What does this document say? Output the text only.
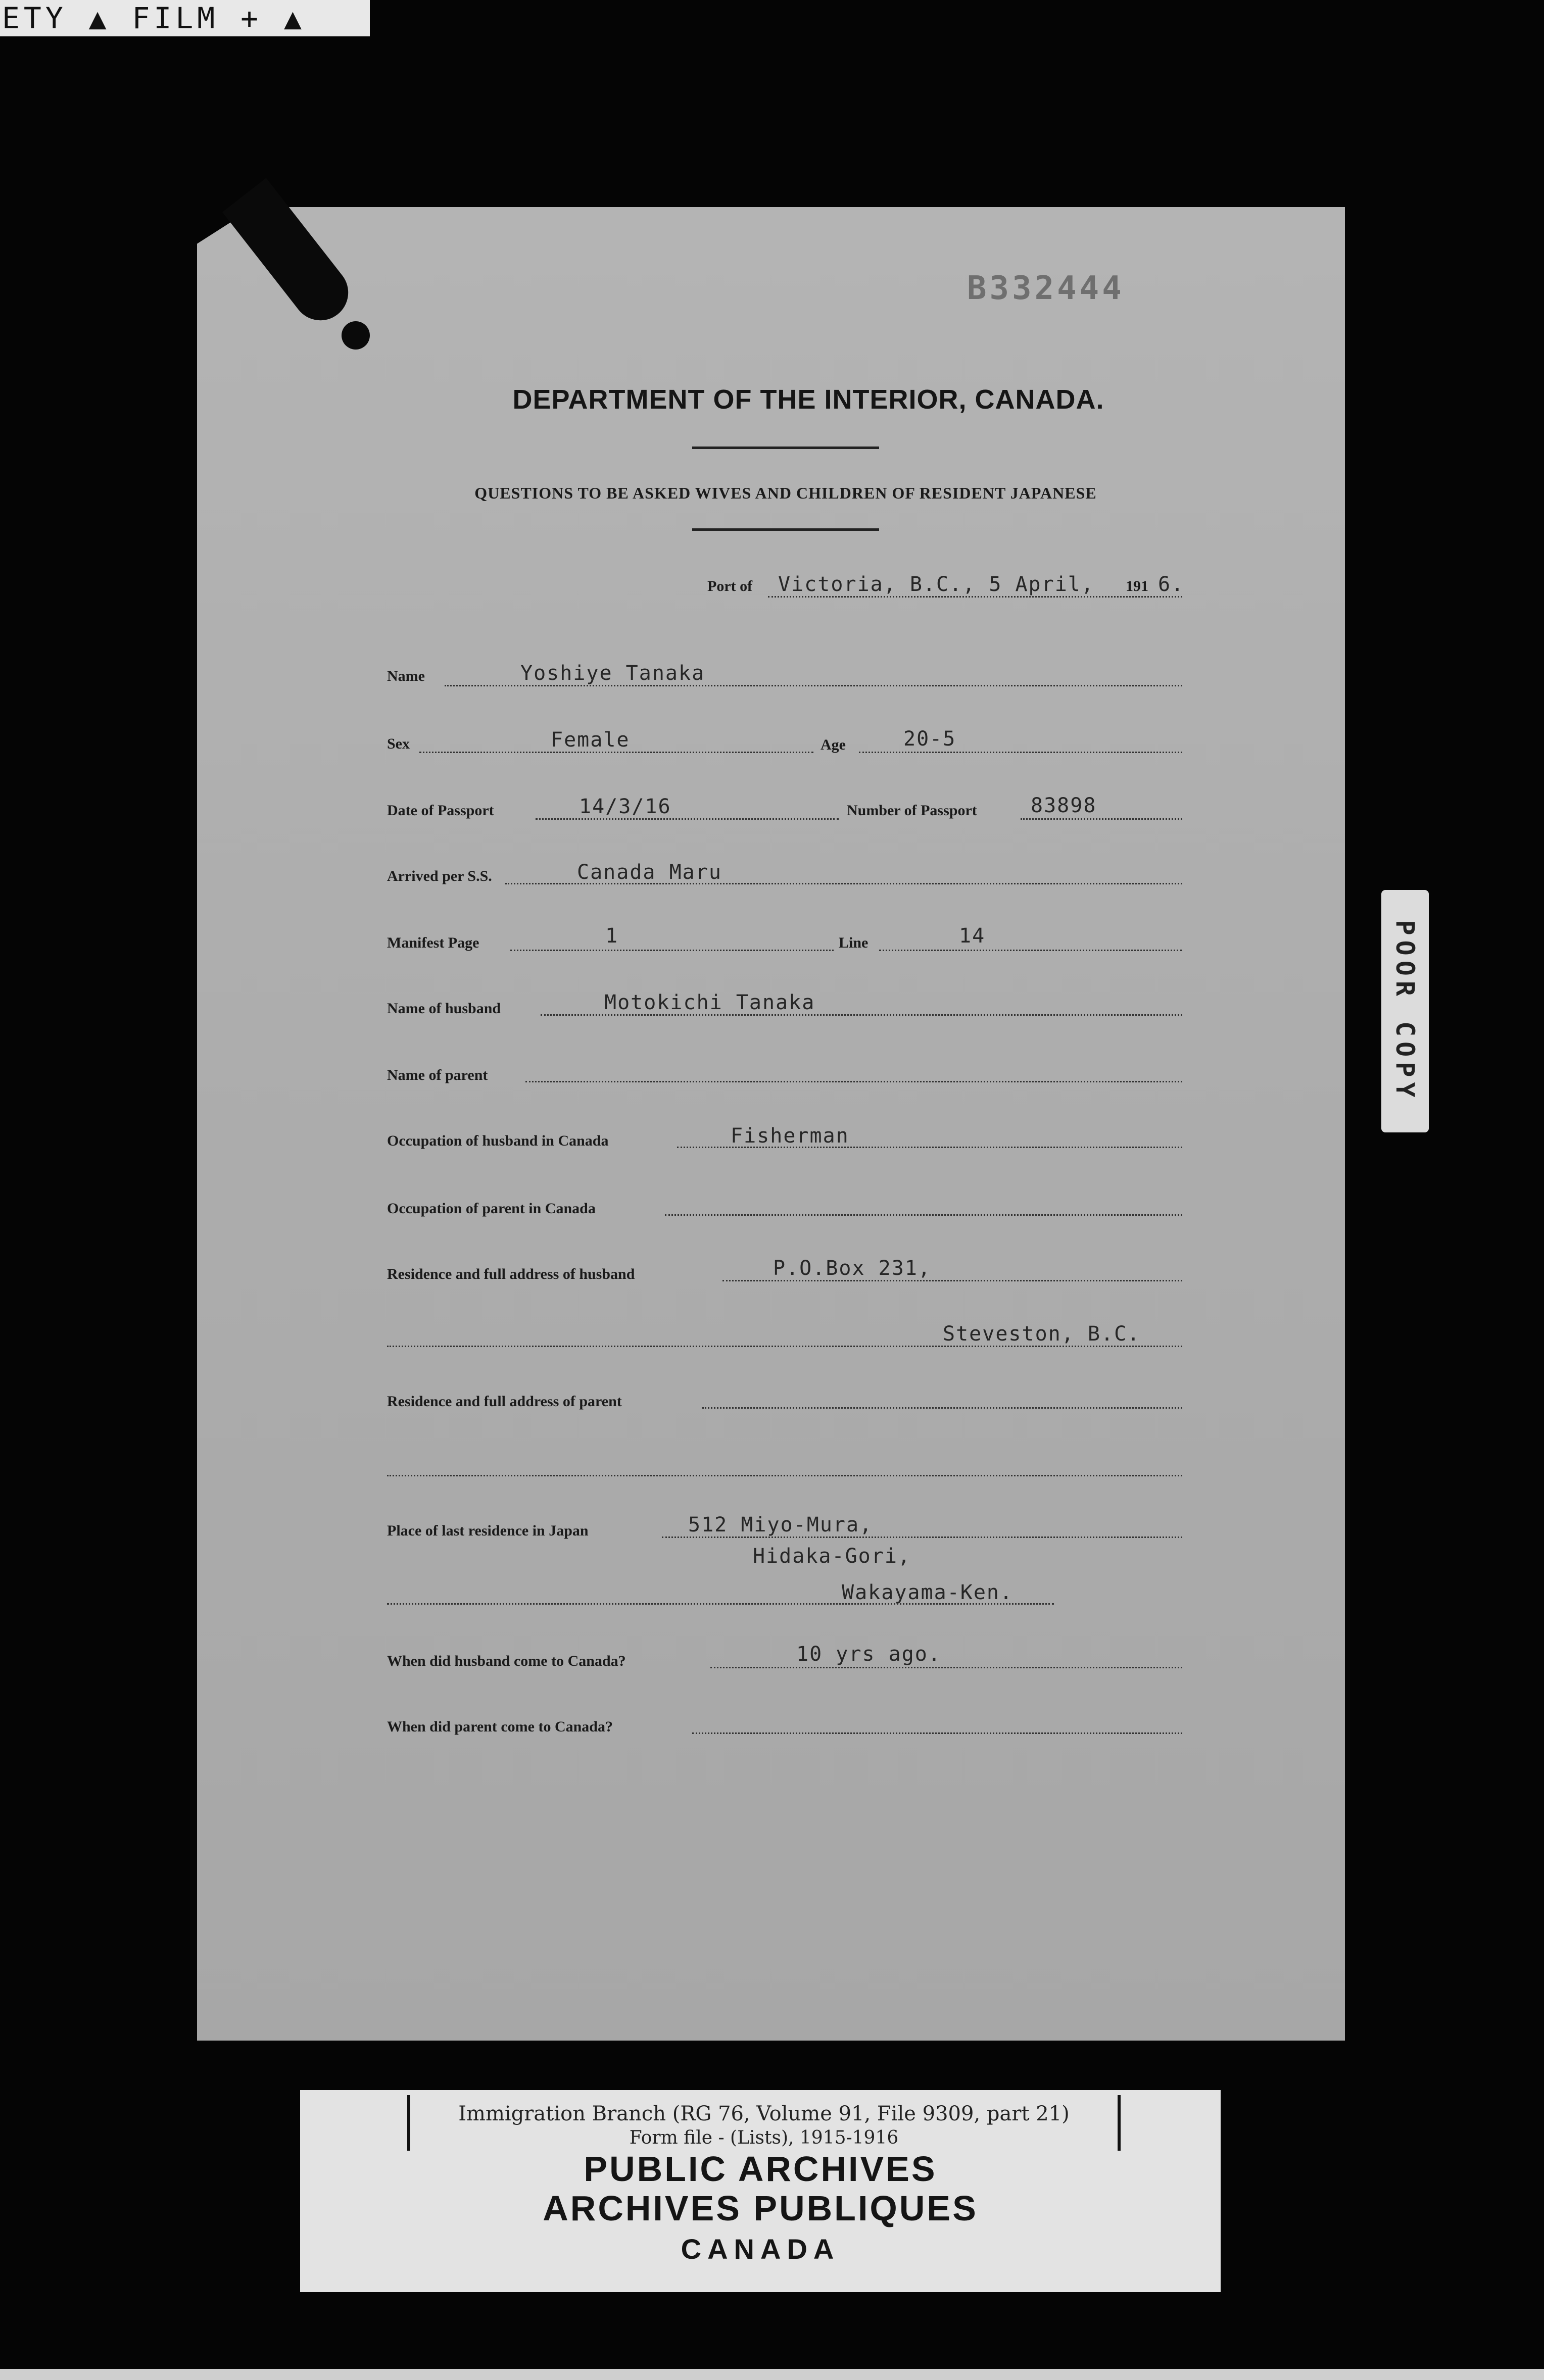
ETY ▲ FILM + ▲
B332444
DEPARTMENT OF THE INTERIOR, CANADA.
QUESTIONS TO BE ASKED WIVES AND CHILDREN OF RESIDENT JAPANESE
Port of Victoria, B.C., 5 April, 191 6.
Name	Yoshiye Tanaka
Sex	Female	Age	20-5
Date of Passport	14/3/16	Number of Passport	83898
Arrived per S.S.	Canada Maru
Manifest Page	1	Line	14
Name of husband	Motokichi Tanaka
Name of parent
Occupation of husband in Canada	Fisherman
Occupation of parent in Canada
Residence and full address of husband	P.O.Box 231,
Steveston, B.C.
Residence and full address of parent
Place of last residence in Japan	512 Miyo-Mura,
Hidaka-Gori,
Wakayama-Ken.
When did husband come to Canada?	10 yrs ago.
When did parent come to Canada?
POOR COPY
Immigration Branch (RG 76, Volume 91, File 9309, part 21)
Form file - (Lists), 1915-1916
PUBLIC ARCHIVES
ARCHIVES PUBLIQUES
CANADA
